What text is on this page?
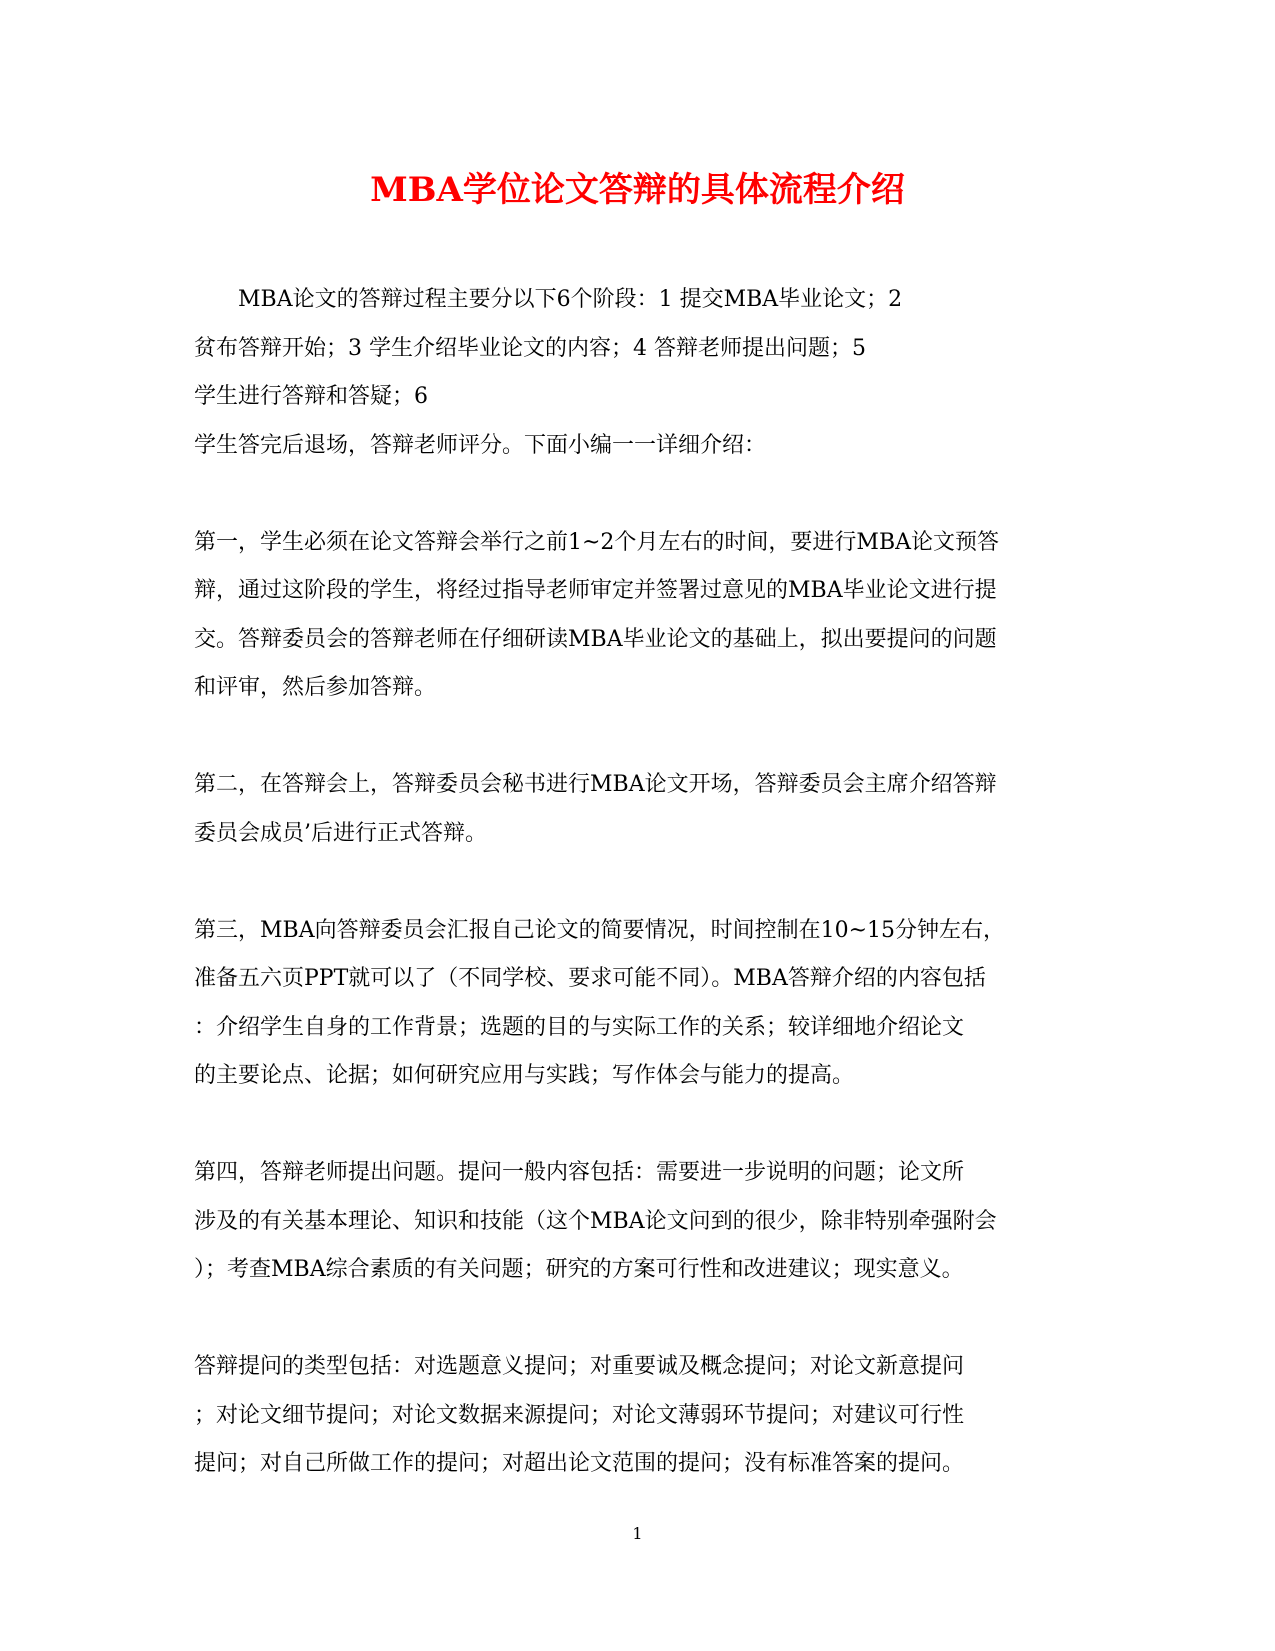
MBA学位论文答辩的具体流程介绍
MBA论文的答辩过程主要分以下6个阶段：1 提交MBA毕业论文；2
贫布答辩开始；3 学生介绍毕业论文的内容；4 答辩老师提出问题；5
学生进行答辩和答疑；6
学生答完后退场，答辩老师评分。下面小编一一详细介绍：
第一，学生必须在论文答辩会举行之前1~2个月左右的时间，要进行MBA论文预答
辩，通过这阶段的学生，将经过指导老师审定并签署过意见的MBA毕业论文进行提
交。答辩委员会的答辩老师在仔细研读MBA毕业论文的基础上，拟出要提问的问题
和评审，然后参加答辩。
第二，在答辩会上，答辩委员会秘书进行MBA论文开场，答辩委员会主席介绍答辩
委员会成员’后进行正式答辩。
第三，MBA向答辩委员会汇报自己论文的简要情况，时间控制在10~15分钟左右，
准备五六页PPT就可以了（不同学校、要求可能不同）。MBA答辩介绍的内容包括
：介绍学生自身的工作背景；选题的目的与实际工作的关系；较详细地介绍论文
的主要论点、论据；如何研究应用与实践；写作体会与能力的提高。
第四，答辩老师提出问题。提问一般内容包括：需要进一步说明的问题；论文所
涉及的有关基本理论、知识和技能（这个MBA论文问到的很少，除非特别牵强附会
）；考查MBA综合素质的有关问题；研究的方案可行性和改进建议；现实意义。
答辩提问的类型包括：对选题意义提问；对重要诚及概念提问；对论文新意提问
；对论文细节提问；对论文数据来源提问；对论文薄弱环节提问；对建议可行性
提问；对自己所做工作的提问；对超出论文范围的提问；没有标准答案的提问。
1
